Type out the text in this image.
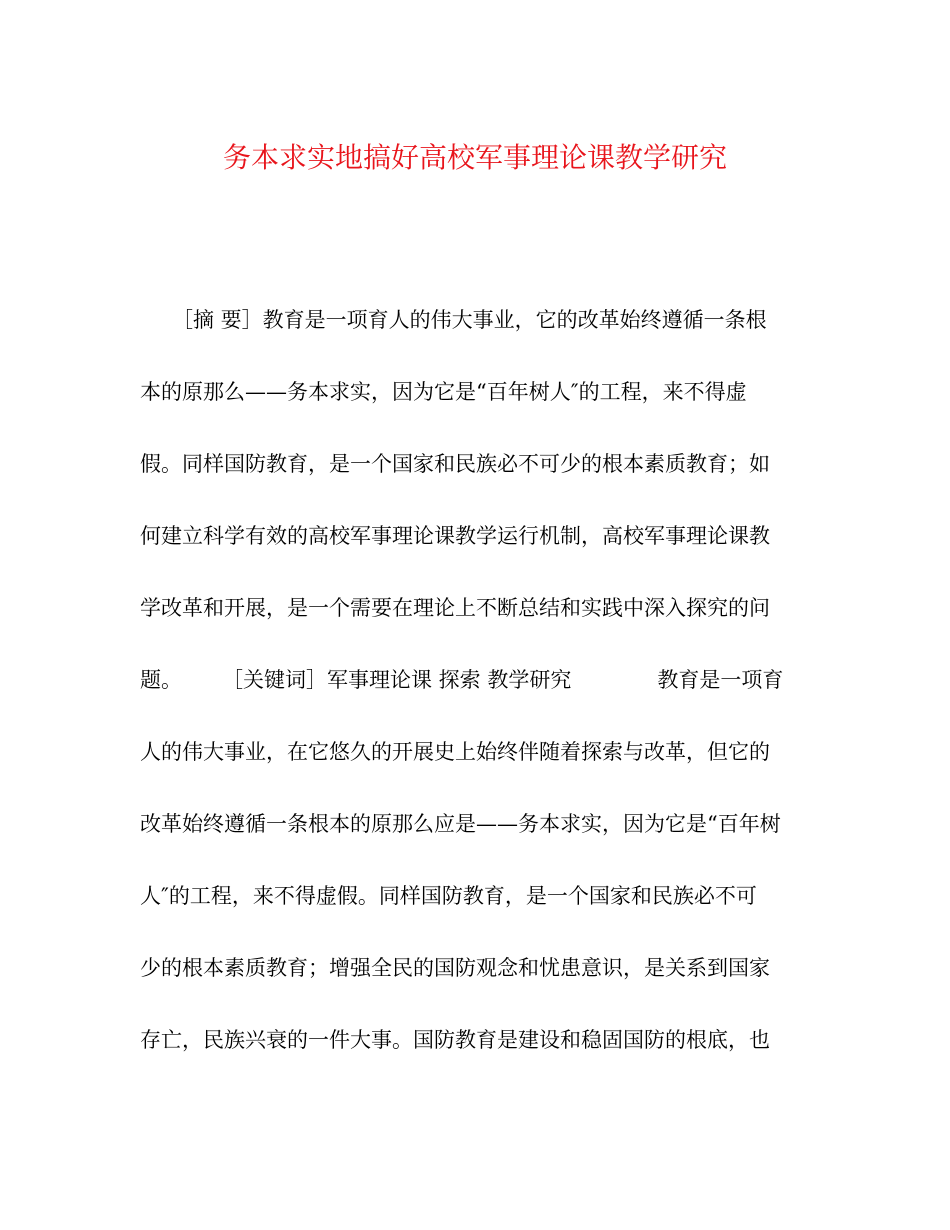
务本求实地搞好高校军事理论课教学研究
［摘 要］教育是一项育人的伟大事业，它的改革始终遵循一条根
本的原那么——务本求实，因为它是“百年树人″的工程，来不得虚
假。同样国防教育，是一个国家和民族必不可少的根本素质教育；如
何建立科学有效的高校军事理论课教学运行机制，高校军事理论课教
学改革和开展，是一个需要在理论上不断总结和实践中深入探究的问
题。 ［关键词］军事理论课 探索 教学研究	教育是一项育
人的伟大事业，在它悠久的开展史上始终伴随着探索与改革，但它的
改革始终遵循一条根本的原那么应是——务本求实，因为它是“百年树
人″的工程，来不得虚假。同样国防教育，是一个国家和民族必不可
少的根本素质教育；增强全民的国防观念和忧患意识，是关系到国家
存亡，民族兴衰的一件大事。国防教育是建设和稳固国防的根底，也
